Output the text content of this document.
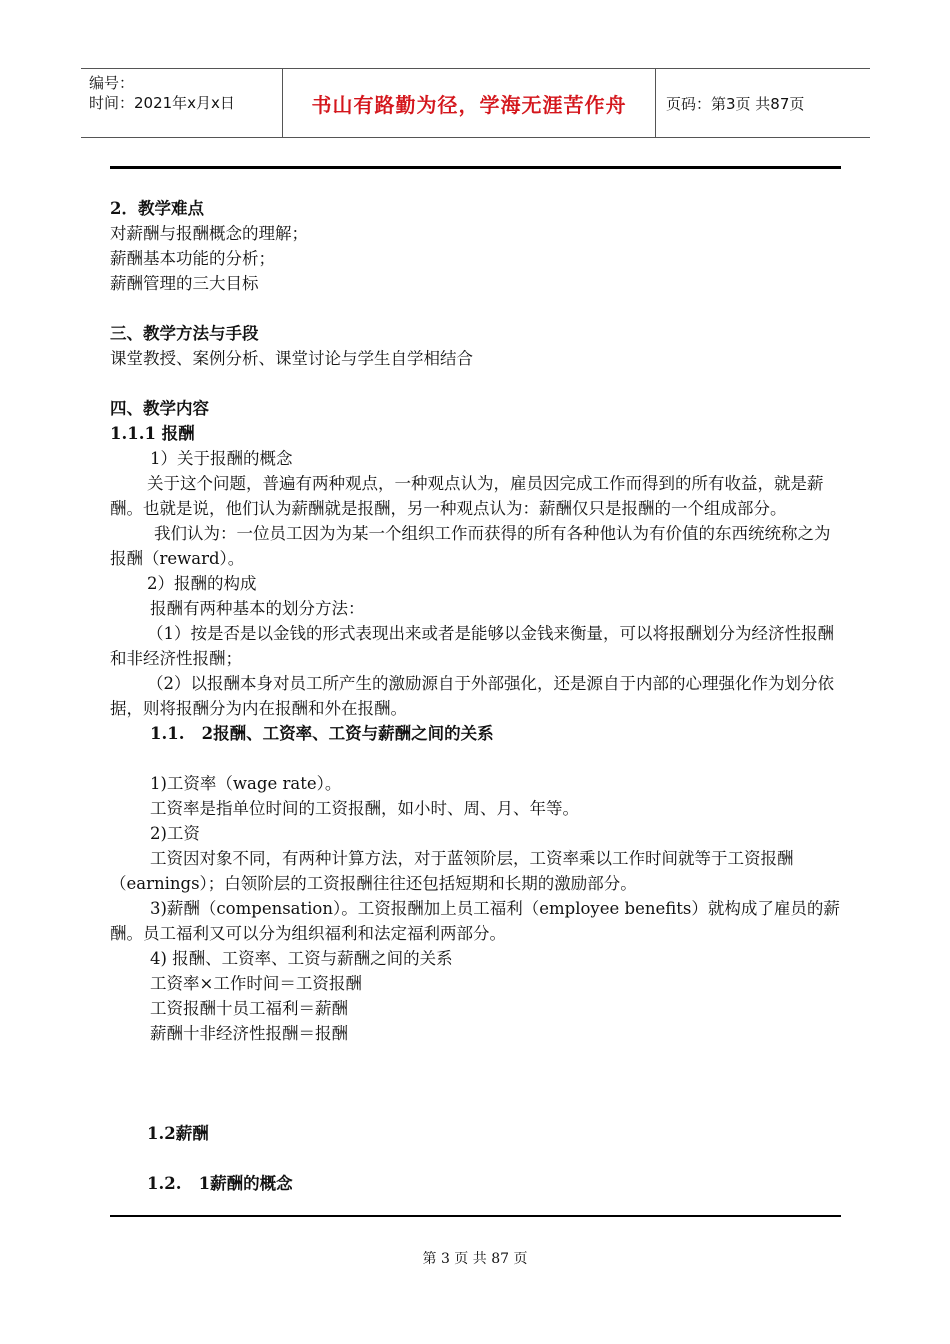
编号：
时间：2021年x月x日	书山有路勤为径，学海无涯苦作舟	页码：第3页 共87页

2．教学难点

对薪酬与报酬概念的理解；

薪酬基本功能的分析；

薪酬管理的三大目标

三、教学方法与手段

课堂教授、案例分析、课堂讨论与学生自学相结合

四、教学内容

1.1.1 报酬

1）关于报酬的概念

关于这个问题，普遍有两种观点，一种观点认为，雇员因完成工作而得到的所有收益，就是薪酬。也就是说，他们认为薪酬就是报酬，另一种观点认为：薪酬仅只是报酬的一个组成部分。

我们认为：一位员工因为为某一个组织工作而获得的所有各种他认为有价值的东西统统称之为报酬（reward）。

2）报酬的构成

报酬有两种基本的划分方法：

（1）按是否是以金钱的形式表现出来或者是能够以金钱来衡量，可以将报酬划分为经济性报酬和非经济性报酬；

（2）以报酬本身对员工所产生的激励源自于外部强化，还是源自于内部的心理强化作为划分依据，则将报酬分为内在报酬和外在报酬。

1.1.   2报酬、工资率、工资与薪酬之间的关系

1)工资率（wage rate）。

工资率是指单位时间的工资报酬，如小时、周、月、年等。

2)工资

工资因对象不同，有两种计算方法，对于蓝领阶层，工资率乘以工作时间就等于工资报酬（earnings）；白领阶层的工资报酬往往还包括短期和长期的激励部分。

3)薪酬（compensation）。工资报酬加上员工福利（employee benefits）就构成了雇员的薪酬。员工福利又可以分为组织福利和法定福利两部分。

4) 报酬、工资率、工资与薪酬之间的关系

工资率×工作时间＝工资报酬

工资报酬十员工福利＝薪酬

薪酬十非经济性报酬＝报酬

1.2薪酬

1.2.   1薪酬的概念

第 3 页 共 87 页
